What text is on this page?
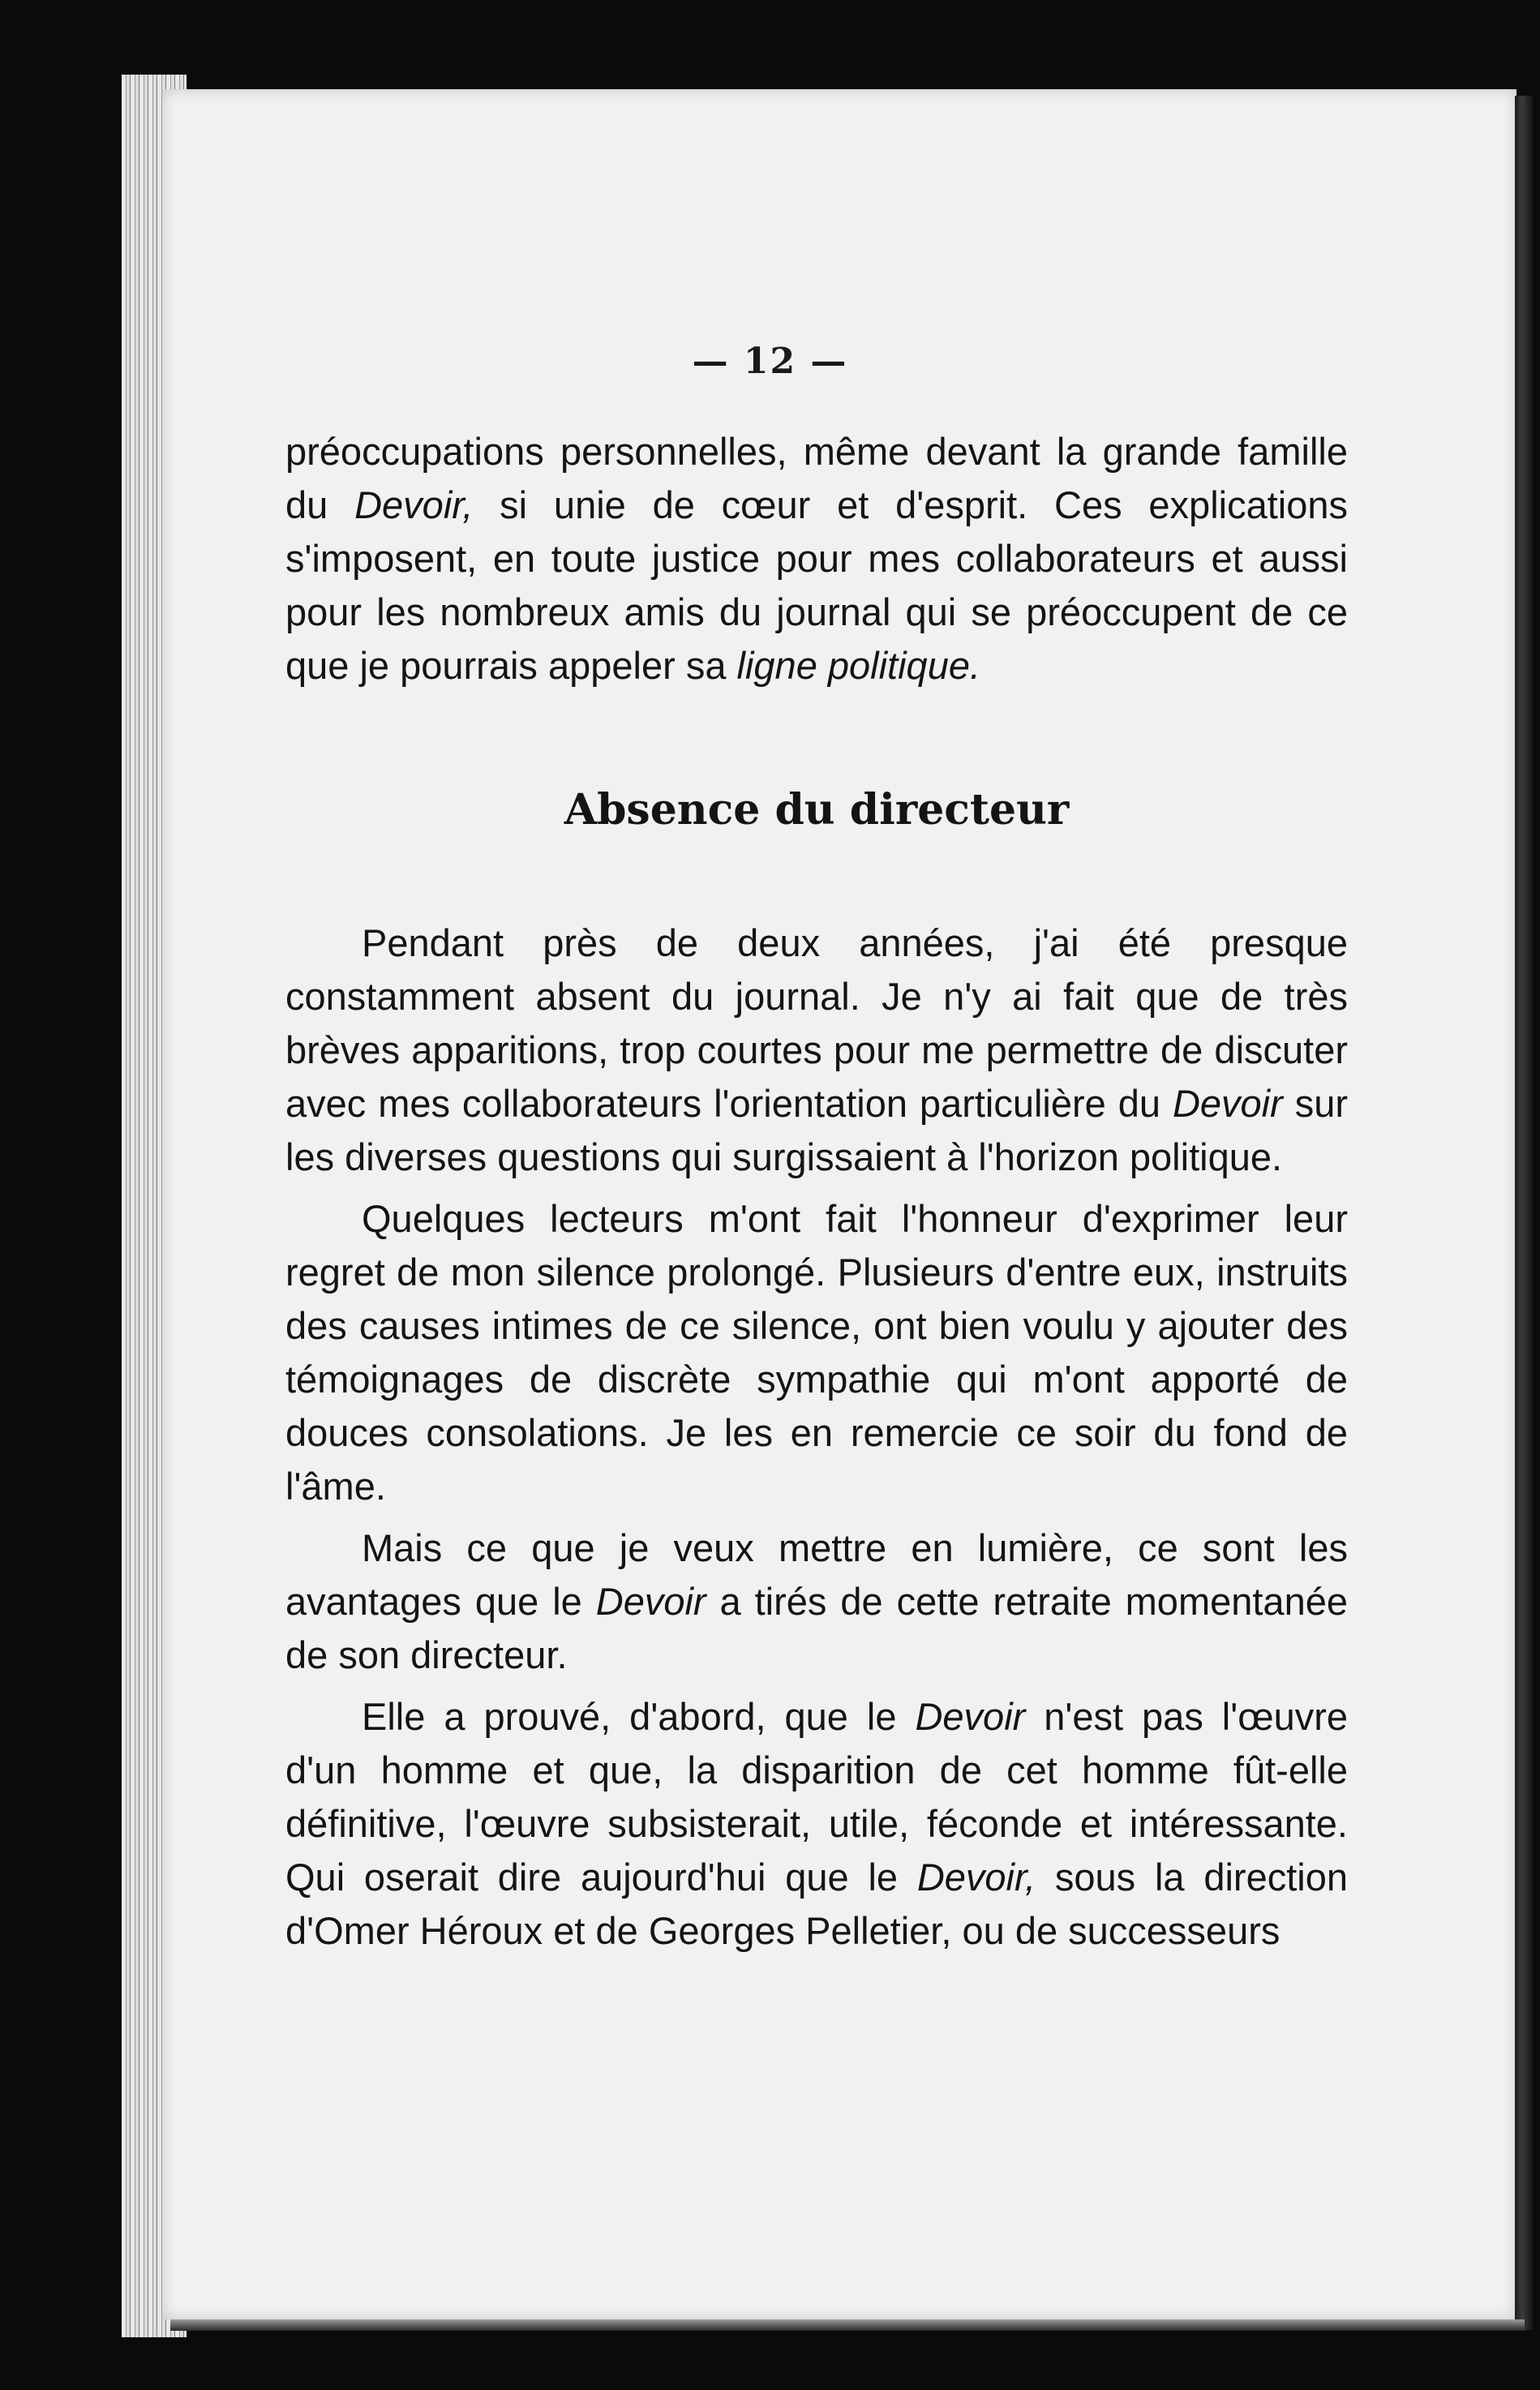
— 12 —

préoccupations personnelles, même devant la grande famille du Devoir, si unie de cœur et d'esprit. Ces explications s'imposent, en toute justice pour mes collaborateurs et aussi pour les nombreux amis du journal qui se préoccupent de ce que je pourrais appeler sa ligne politique.

Absence du directeur

Pendant près de deux années, j'ai été presque constamment absent du journal. Je n'y ai fait que de très brèves apparitions, trop courtes pour me permettre de discuter avec mes collaborateurs l'orientation particulière du Devoir sur les diverses questions qui surgissaient à l'horizon politique.

Quelques lecteurs m'ont fait l'honneur d'exprimer leur regret de mon silence prolongé. Plusieurs d'entre eux, instruits des causes intimes de ce silence, ont bien voulu y ajouter des témoignages de discrète sympathie qui m'ont apporté de douces consolations. Je les en remercie ce soir du fond de l'âme.

Mais ce que je veux mettre en lumière, ce sont les avantages que le Devoir a tirés de cette retraite momentanée de son directeur.

Elle a prouvé, d'abord, que le Devoir n'est pas l'œuvre d'un homme et que, la disparition de cet homme fût-elle définitive, l'œuvre subsisterait, utile, féconde et intéressante. Qui oserait dire aujourd'hui que le Devoir, sous la direction d'Omer Héroux et de Georges Pelletier, ou de successeurs
